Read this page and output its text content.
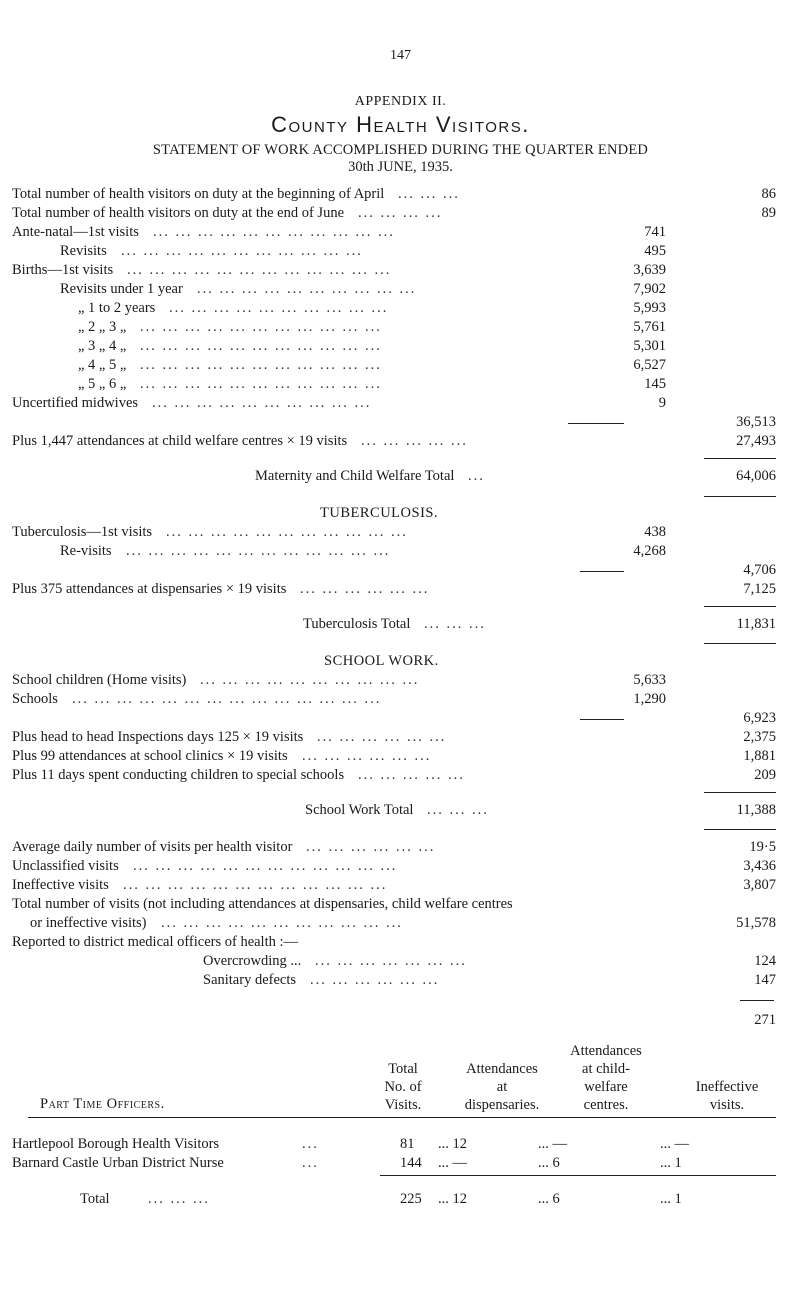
147
APPENDIX II.
County Health Visitors.
STATEMENT OF WORK ACCOMPLISHED DURING THE QUARTER ENDED
30th JUNE, 1935.
Total number of health visitors on duty at the beginning of April ... ... ...	86
Total number of health visitors on duty at the end of June ... ... ... ...	89
Ante-natal—1st visits ... ... ... ... ... ... ... ... ... ... ...	741
Revisits ... ... ... ... ... ... ... ... ... ... ...	495
Births—1st visits ... ... ... ... ... ... ... ... ... ... ... ...	3,639
Revisits under 1 year ... ... ... ... ... ... ... ... ... ...	7,902
„ 1 to 2 years ... ... ... ... ... ... ... ... ... ...	5,993
„ 2 „ 3 „ ... ... ... ... ... ... ... ... ... ... ...	5,761
„ 3 „ 4 „ ... ... ... ... ... ... ... ... ... ... ...	5,301
„ 4 „ 5 „ ... ... ... ... ... ... ... ... ... ... ...	6,527
„ 5 „ 6 „ ... ... ... ... ... ... ... ... ... ... ...	145
Uncertified midwives ... ... ... ... ... ... ... ... ... ...	9
36,513
Plus 1,447 attendances at child welfare centres × 19 visits ... ... ... ... ...	27,493
Maternity and Child Welfare Total ...	64,006
TUBERCULOSIS.
Tuberculosis—1st visits ... ... ... ... ... ... ... ... ... ... ...	438
Re-visits ... ... ... ... ... ... ... ... ... ... ... ...	4,268
4,706
Plus 375 attendances at dispensaries × 19 visits ... ... ... ... ... ...	7,125
Tuberculosis Total ... ... ...	11,831
SCHOOL WORK.
School children (Home visits) ... ... ... ... ... ... ... ... ... ...	5,633
Schools ... ... ... ... ... ... ... ... ... ... ... ... ... ...	1,290
6,923
Plus head to head Inspections days 125 × 19 visits ... ... ... ... ... ...	2,375
Plus 99 attendances at school clinics × 19 visits ... ... ... ... ... ...	1,881
Plus 11 days spent conducting children to special schools ... ... ... ... ...	209
School Work Total ... ... ...	11,388
Average daily number of visits per health visitor ... ... ... ... ... ...	19·5
Unclassified visits ... ... ... ... ... ... ... ... ... ... ... ...	3,436
Ineffective visits ... ... ... ... ... ... ... ... ... ... ... ...	3,807
Total number of visits (not including attendances at dispensaries, child welfare centres
or ineffective visits) ... ... ... ... ... ... ... ... ... ... ...	51,578
Reported to district medical officers of health :—
Overcrowding ... ... ... ... ... ... ... ...	124
Sanitary defects ... ... ... ... ... ...	147
271
Part Time Officers.
Total
No. of
Visits.
Attendances
at
dispensaries.
Attendances
at child-
welfare
centres.
Ineffective
visits.
Hartlepool Borough Health Visitors	...	81 ... 12	... —	... —
Barnard Castle Urban District Nurse	...	144 ... —	... 6	... 1
Total	... ... ...	225 ... 12	... 6	... 1
